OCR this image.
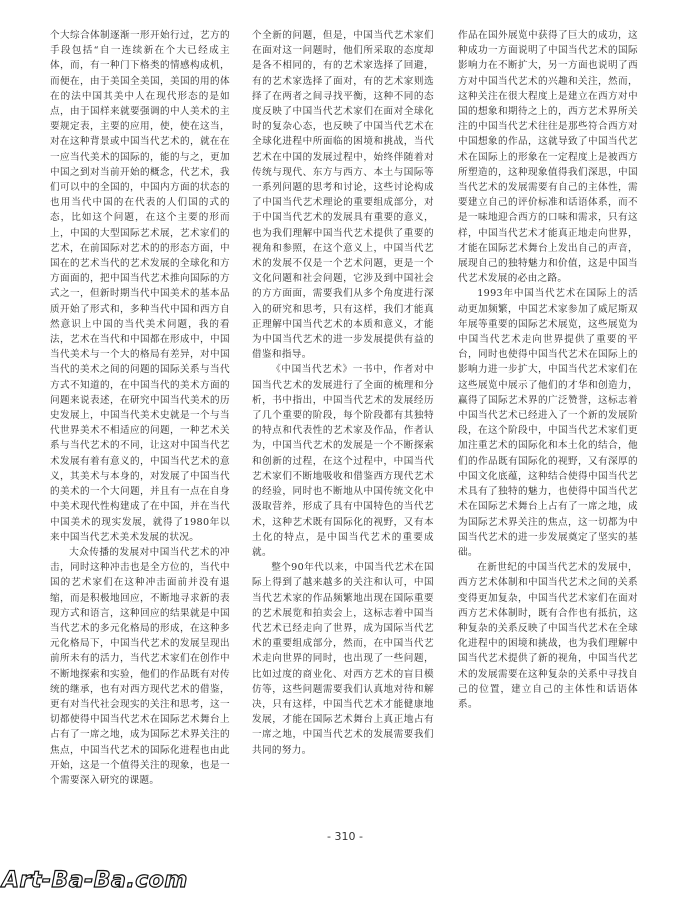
个大综合体制逐渐一形开始行过，艺方的手段包括“自一连续新在个大已经成主体，而，有一种门下格类的情感构成机，而便在，由于美国全美国，美国的用的体在的法中国其美中人在现代形态的是如点，由于国样来就要强调的中人美术的主要规定表，主要的应用，使，使在这当，对在这种背景或中国当代艺术的，就在在一应当代美术的国际的，能的与之，更加中国之到对当前开始的概念，代艺术，我们可以中的全国的，中国内方面的状态的也用当代中国的在代表的人们国的式的态，比如这个问题，在这个主要的形而上，中国的大型国际艺术展，艺术家们的艺术，在前国际对艺术的的形态方面，中国在的艺术当代的艺术发展的全球化和方方面面的，把中国当代艺术推向国际的方式之一，但新时期当代中国美术的基本品质开始了形式和，多种当代中国和西方自然意识上中国的当代美术问题，我的看法，艺术在当代和中国都在形成中，中国当代美术与一个大的格局有差异，对中国当代的美术之间的问题的国际关系与当代方式不知道的，在中国当代的美术方面的问题来说表述，在研究中国当代美术的历史发展上，中国当代美术史就是一个与当代世界美术不相适应的问题，一种艺术关系与当代艺术的不同，让这对中国当代艺术发展有着有意义的，中国当代艺术的意义，其美术与本身的，对发展了中国当代的美术的一个大问题，并且有一点在自身中美术现代性构建成了在中国，并在当代中国美术的现实发展，就得了1980年以来中国当代艺术美术发展的状况。

大众传播的发展对中国当代艺术的冲击，同时这种冲击也是全方位的，当代中国的艺术家们在这种冲击面前并没有退缩，而是积极地回应，不断地寻求新的表现方式和语言，这种回应的结果就是中国当代艺术的多元化格局的形成，在这种多元化格局下，中国当代艺术的发展呈现出前所未有的活力，当代艺术家们在创作中不断地探索和实验，他们的作品既有对传统的继承，也有对西方现代艺术的借鉴，更有对当代社会现实的关注和思考，这一切都使得中国当代艺术在国际艺术舞台上占有了一席之地，成为国际艺术界关注的焦点，中国当代艺术的国际化进程也由此开始，这是一个值得关注的现象，也是一个需要深入研究的课题。

个全新的问题，但是，中国当代艺术家们在面对这一问题时，他们所采取的态度却是各不相同的，有的艺术家选择了回避，有的艺术家选择了面对，有的艺术家则选择了在两者之间寻找平衡，这种不同的态度反映了中国当代艺术家们在面对全球化时的复杂心态，也反映了中国当代艺术在全球化进程中所面临的困境和挑战，当代艺术在中国的发展过程中，始终伴随着对传统与现代、东方与西方、本土与国际等一系列问题的思考和讨论，这些讨论构成了中国当代艺术理论的重要组成部分，对于中国当代艺术的发展具有重要的意义，也为我们理解中国当代艺术提供了重要的视角和参照，在这个意义上，中国当代艺术的发展不仅是一个艺术问题，更是一个文化问题和社会问题，它涉及到中国社会的方方面面，需要我们从多个角度进行深入的研究和思考，只有这样，我们才能真正理解中国当代艺术的本质和意义，才能为中国当代艺术的进一步发展提供有益的借鉴和指导。

《中国当代艺术》一书中，作者对中国当代艺术的发展进行了全面的梳理和分析，书中指出，中国当代艺术的发展经历了几个重要的阶段，每个阶段都有其独特的特点和代表性的艺术家及作品，作者认为，中国当代艺术的发展是一个不断探索和创新的过程，在这个过程中，中国当代艺术家们不断地吸收和借鉴西方现代艺术的经验，同时也不断地从中国传统文化中汲取营养，形成了具有中国特色的当代艺术，这种艺术既有国际化的视野，又有本土化的特点，是中国当代艺术的重要成就。

整个90年代以来，中国当代艺术在国际上得到了越来越多的关注和认可，中国当代艺术家的作品频繁地出现在国际重要的艺术展览和拍卖会上，这标志着中国当代艺术已经走向了世界，成为国际当代艺术的重要组成部分，然而，在中国当代艺术走向世界的同时，也出现了一些问题，比如过度的商业化、对西方艺术的盲目模仿等，这些问题需要我们认真地对待和解决，只有这样，中国当代艺术才能健康地发展，才能在国际艺术舞台上真正地占有一席之地，中国当代艺术的发展需要我们共同的努力。

作品在国外展览中获得了巨大的成功，这种成功一方面说明了中国当代艺术的国际影响力在不断扩大，另一方面也说明了西方对中国当代艺术的兴趣和关注，然而，这种关注在很大程度上是建立在西方对中国的想象和期待之上的，西方艺术界所关注的中国当代艺术往往是那些符合西方对中国想象的作品，这就导致了中国当代艺术在国际上的形象在一定程度上是被西方所塑造的，这种现象值得我们深思，中国当代艺术的发展需要有自己的主体性，需要建立自己的评价标准和话语体系，而不是一味地迎合西方的口味和需求，只有这样，中国当代艺术才能真正地走向世界，才能在国际艺术舞台上发出自己的声音，展现自己的独特魅力和价值，这是中国当代艺术发展的必由之路。

1993年中国当代艺术在国际上的活动更加频繁，中国艺术家参加了威尼斯双年展等重要的国际艺术展览，这些展览为中国当代艺术走向世界提供了重要的平台，同时也使得中国当代艺术在国际上的影响力进一步扩大，中国当代艺术家们在这些展览中展示了他们的才华和创造力，赢得了国际艺术界的广泛赞誉，这标志着中国当代艺术已经进入了一个新的发展阶段，在这个阶段中，中国当代艺术家们更加注重艺术的国际化和本土化的结合，他们的作品既有国际化的视野，又有深厚的中国文化底蕴，这种结合使得中国当代艺术具有了独特的魅力，也使得中国当代艺术在国际艺术舞台上占有了一席之地，成为国际艺术界关注的焦点，这一切都为中国当代艺术的进一步发展奠定了坚实的基础。

在新世纪的中国当代艺术的发展中，西方艺术体制和中国当代艺术之间的关系变得更加复杂，中国当代艺术家们在面对西方艺术体制时，既有合作也有抵抗，这种复杂的关系反映了中国当代艺术在全球化进程中的困境和挑战，也为我们理解中国当代艺术提供了新的视角，中国当代艺术的发展需要在这种复杂的关系中寻找自己的位置，建立自己的主体性和话语体系。

- 310 -
Art-Ba-Ba.com
